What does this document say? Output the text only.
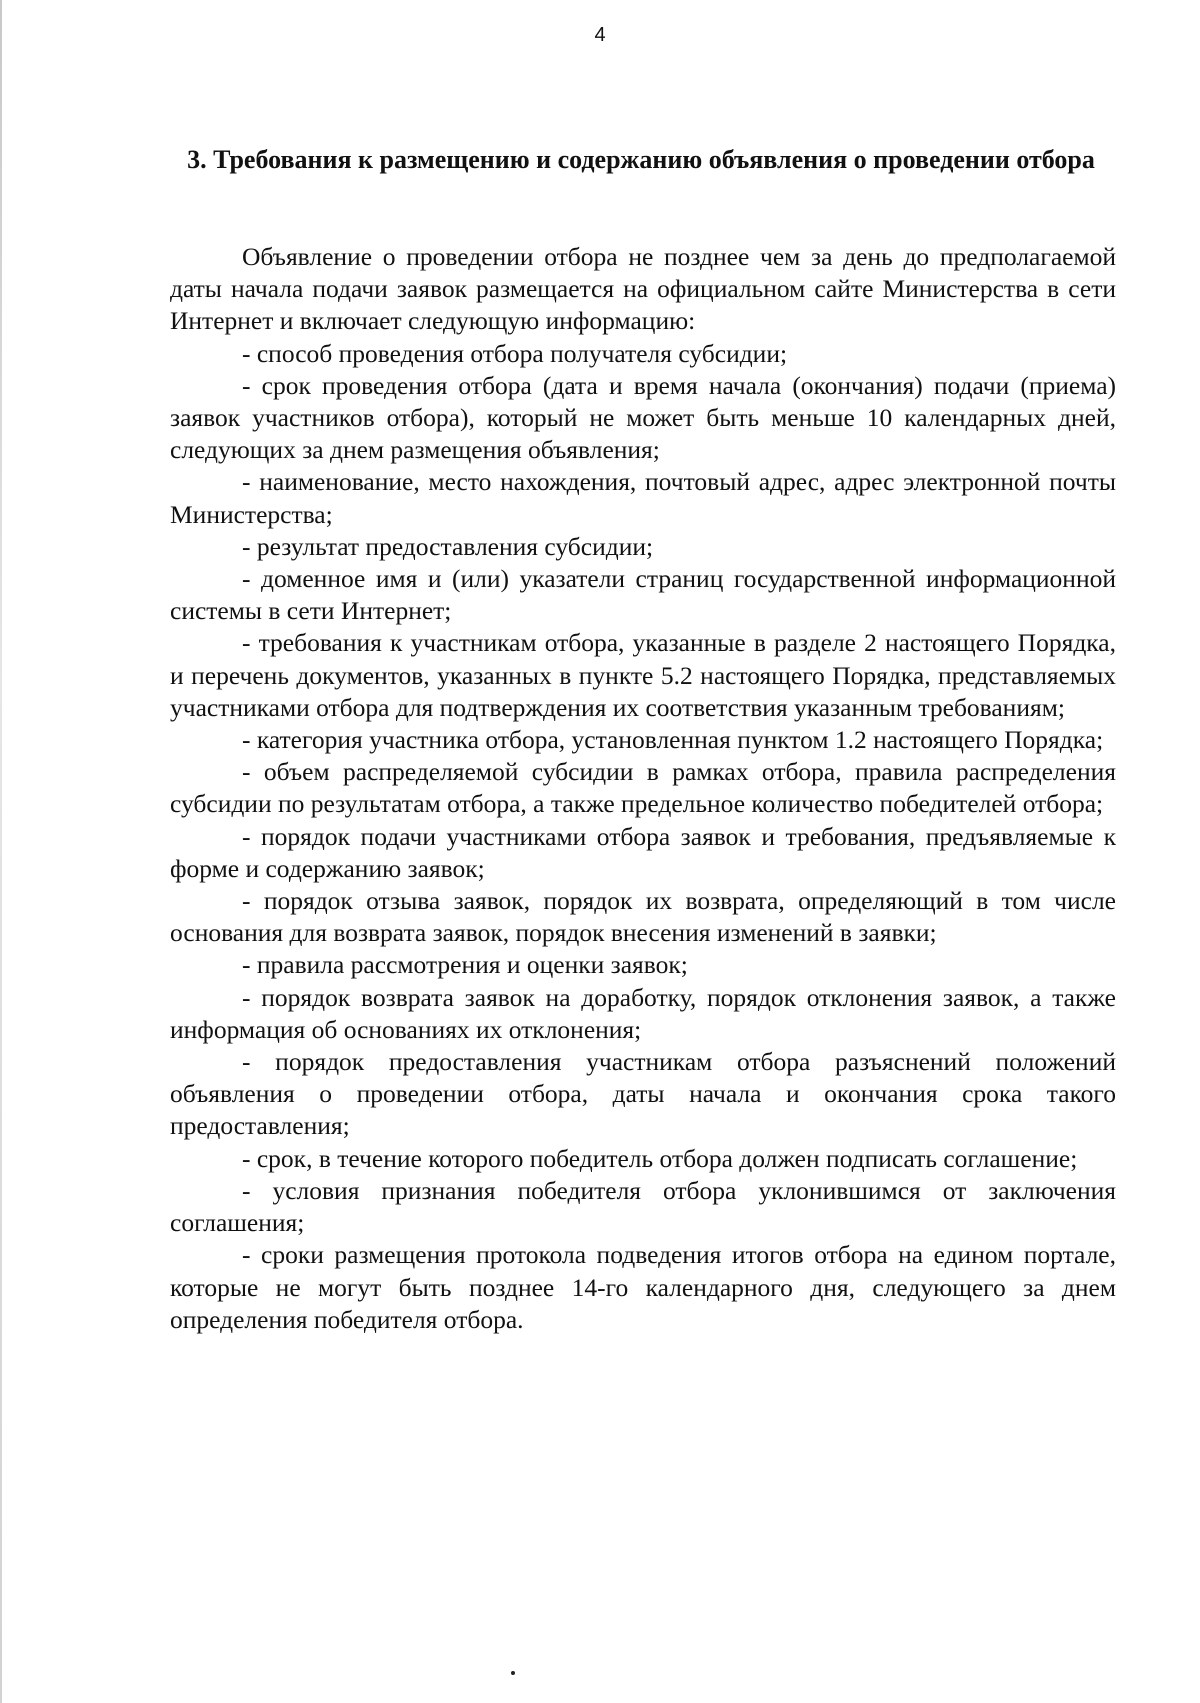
4
3. Требования к размещению и содержанию объявления о проведении отбора

Объявление о проведении отбора не позднее чем за день до предполагаемой даты начала подачи заявок размещается на официальном сайте Министерства в сети Интернет и включает следующую информацию:

- способ проведения отбора получателя субсидии;

- срок проведения отбора (дата и время начала (окончания) подачи (приема) заявок участников отбора), который не может быть меньше 10 календарных дней, следующих за днем размещения объявления;

- наименование, место нахождения, почтовый адрес, адрес электронной почты Министерства;

- результат предоставления субсидии;

- доменное имя и (или) указатели страниц государственной информационной системы в сети Интернет;

- требования к участникам отбора, указанные в разделе 2 настоящего Порядка, и перечень документов, указанных в пункте 5.2 настоящего Порядка, представляемых участниками отбора для подтверждения их соответствия указанным требованиям;

- категория участника отбора, установленная пунктом 1.2 настоящего Порядка;

- объем распределяемой субсидии в рамках отбора, правила распределения субсидии по результатам отбора, а также предельное количество победителей отбора;

- порядок подачи участниками отбора заявок и требования, предъявляемые к форме и содержанию заявок;

- порядок отзыва заявок, порядок их возврата, определяющий в том числе основания для возврата заявок, порядок внесения изменений в заявки;

- правила рассмотрения и оценки заявок;

- порядок возврата заявок на доработку, порядок отклонения заявок, а также информация об основаниях их отклонения;

- порядок предоставления участникам отбора разъяснений положений объявления о проведении отбора, даты начала и окончания срока такого предоставления;

- срок, в течение которого победитель отбора должен подписать соглашение;

- условия признания победителя отбора уклонившимся от заключения соглашения;

- сроки размещения протокола подведения итогов отбора на едином портале, которые не могут быть позднее 14-го календарного дня, следующего за днем определения победителя отбора.
